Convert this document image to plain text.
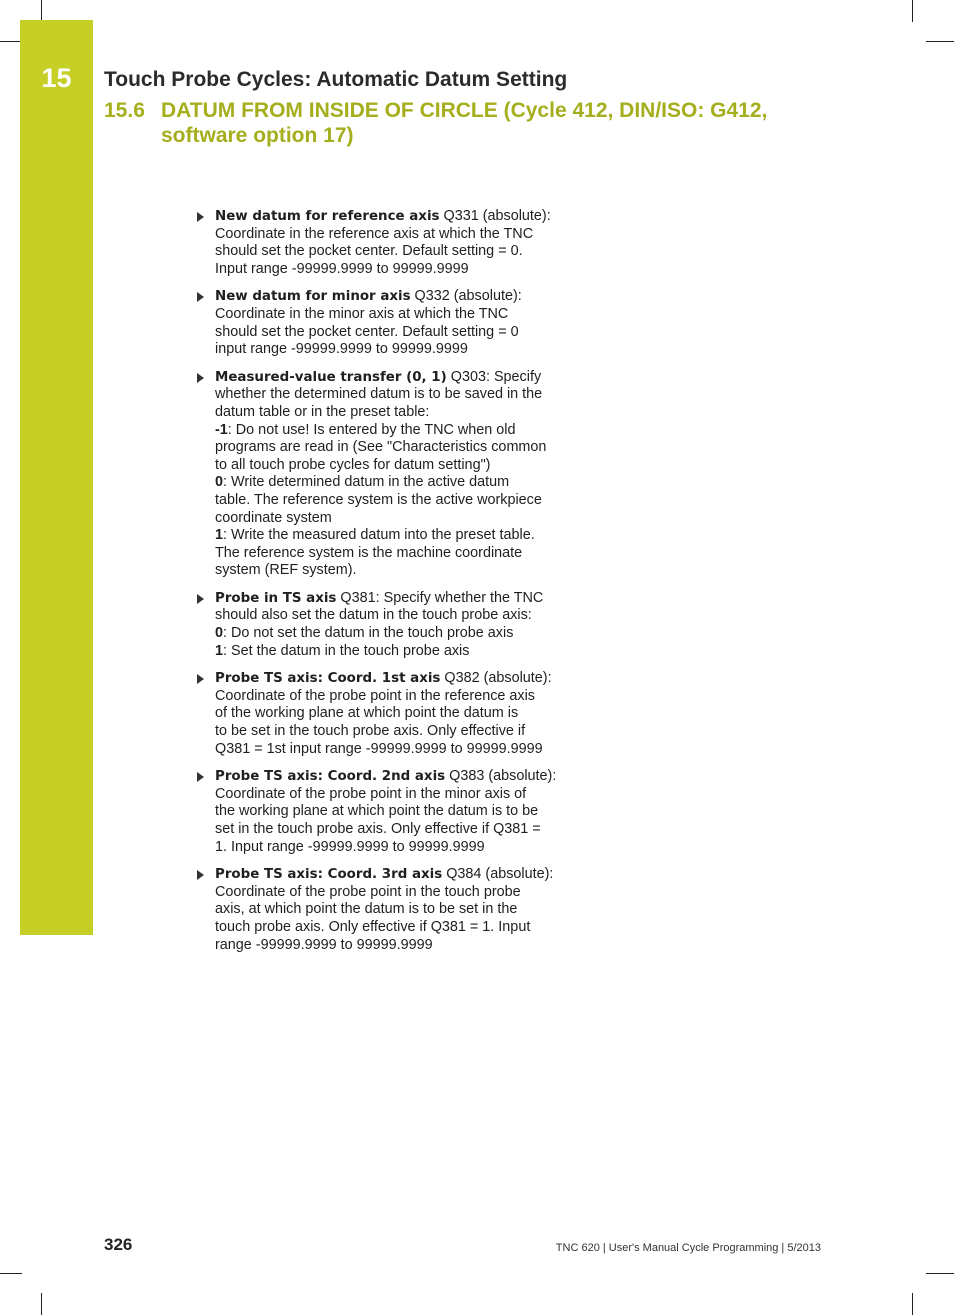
15	Touch Probe Cycles: Automatic Datum Setting
15.6 DATUM FROM INSIDE OF CIRCLE (Cycle 412, DIN/ISO: G412,
software option 17)
New datum for reference axis Q331 (absolute):
Coordinate in the reference axis at which the TNC
should set the pocket center. Default setting = 0.
Input range -99999.9999 to 99999.9999
New datum for minor axis Q332 (absolute):
Coordinate in the minor axis at which the TNC
should set the pocket center. Default setting = 0
input range -99999.9999 to 99999.9999
Measured-value transfer (0, 1) Q303: Specify
whether the determined datum is to be saved in the
datum table or in the preset table:
-1: Do not use! Is entered by the TNC when old
programs are read in (See "Characteristics common
to all touch probe cycles for datum setting")
0: Write determined datum in the active datum
table. The reference system is the active workpiece
coordinate system
1: Write the measured datum into the preset table.
The reference system is the machine coordinate
system (REF system).
Probe in TS axis Q381: Specify whether the TNC
should also set the datum in the touch probe axis:
0: Do not set the datum in the touch probe axis
1: Set the datum in the touch probe axis
Probe TS axis: Coord. 1st axis Q382 (absolute):
Coordinate of the probe point in the reference axis
of the working plane at which point the datum is
to be set in the touch probe axis. Only effective if
Q381 = 1st input range -99999.9999 to 99999.9999
Probe TS axis: Coord. 2nd axis Q383 (absolute):
Coordinate of the probe point in the minor axis of
the working plane at which point the datum is to be
set in the touch probe axis. Only effective if Q381 =
1. Input range -99999.9999 to 99999.9999
Probe TS axis: Coord. 3rd axis Q384 (absolute):
Coordinate of the probe point in the touch probe
axis, at which point the datum is to be set in the
touch probe axis. Only effective if Q381 = 1. Input
range -99999.9999 to 99999.9999
326	TNC 620 | User's Manual Cycle Programming | 5/2013
